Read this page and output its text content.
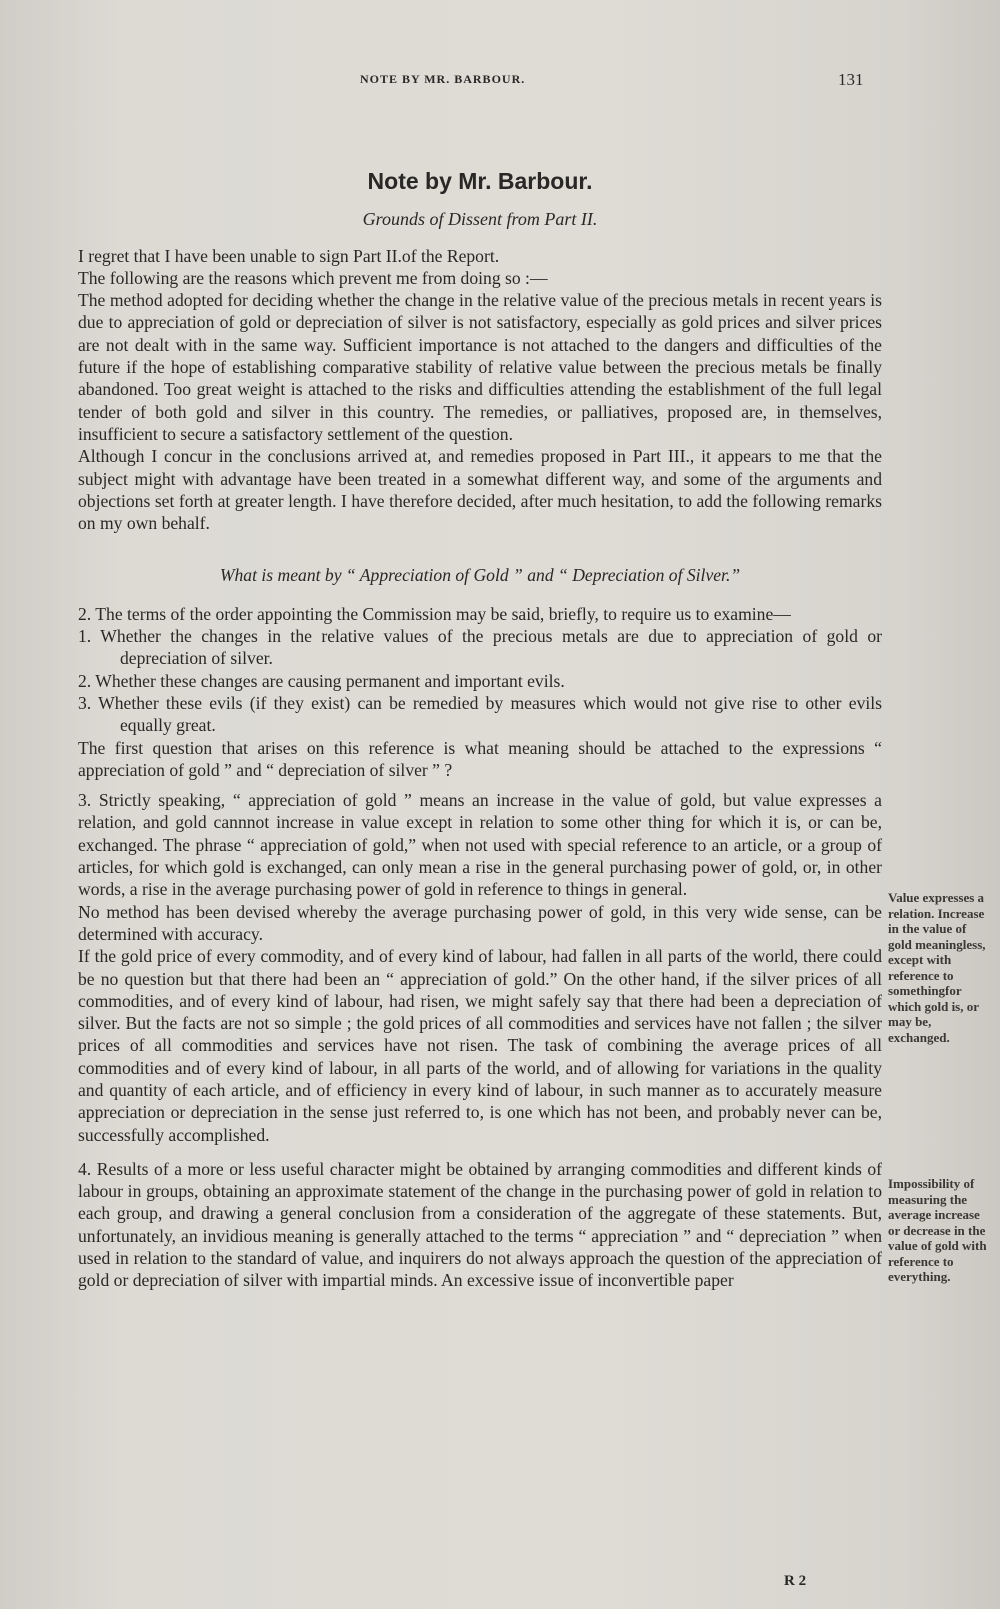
NOTE BY MR. BARBOUR.	131
Note by Mr. Barbour.
Grounds of Dissent from Part II.

I regret that I have been unable to sign Part II.of the Report.

The following are the reasons which prevent me from doing so :—

The method adopted for deciding whether the change in the relative value of the precious metals in recent years is due to appreciation of gold or depreciation of silver is not satisfactory, especially as gold prices and silver prices are not dealt with in the same way. Sufficient importance is not attached to the dangers and difficulties of the future if the hope of establishing comparative stability of relative value between the precious metals be finally abandoned. Too great weight is attached to the risks and difficulties attending the establishment of the full legal tender of both gold and silver in this country. The remedies, or palliatives, proposed are, in themselves, insufficient to secure a satisfactory settlement of the question.

Although I concur in the conclusions arrived at, and remedies proposed in Part III., it appears to me that the subject might with advantage have been treated in a somewhat different way, and some of the arguments and objections set forth at greater length. I have therefore decided, after much hesitation, to add the following remarks on my own behalf.

What is meant by “ Appreciation of Gold ” and “ Depreciation of Silver.”

2. The terms of the order appointing the Commission may be said, briefly, to require us to examine—

1. Whether the changes in the relative values of the precious metals are due to appreciation of gold or depreciation of silver.
2. Whether these changes are causing permanent and important evils.
3. Whether these evils (if they exist) can be remedied by measures which would not give rise to other evils equally great.

The first question that arises on this reference is what meaning should be attached to the expressions “ appreciation of gold ” and “ depreciation of silver ” ?

3. Strictly speaking, “ appreciation of gold ” means an increase in the value of gold, but value expresses a relation, and gold cannnot increase in value except in relation to some other thing for which it is, or can be, exchanged. The phrase “ appreciation of gold,” when not used with special reference to an article, or a group of articles, for which gold is exchanged, can only mean a rise in the general purchasing power of gold, or, in other words, a rise in the average purchasing power of gold in reference to things in general.

No method has been devised whereby the average purchasing power of gold, in this very wide sense, can be determined with accuracy.

If the gold price of every commodity, and of every kind of labour, had fallen in all parts of the world, there could be no question but that there had been an “ appreciation of gold.” On the other hand, if the silver prices of all commodities, and of every kind of labour, had risen, we might safely say that there had been a depreciation of silver. But the facts are not so simple ; the gold prices of all commodities and services have not fallen ; the silver prices of all commodities and services have not risen. The task of combining the average prices of all commodities and of every kind of labour, in all parts of the world, and of allowing for variations in the quality and quantity of each article, and of efficiency in every kind of labour, in such manner as to accurately measure appreciation or depreciation in the sense just referred to, is one which has not been, and probably never can be, successfully accomplished.

4. Results of a more or less useful character might be obtained by arranging commodities and different kinds of labour in groups, obtaining an approximate statement of the change in the purchasing power of gold in relation to each group, and drawing a general conclusion from a consideration of the aggregate of these statements. But, unfortunately, an invidious meaning is generally attached to the terms “ appreciation ” and “ depreciation ” when used in relation to the standard of value, and inquirers do not always approach the question of the appreciation of gold or depreciation of silver with impartial minds. An excessive issue of inconvertible paper

Value expresses a relation. Increase in the value of gold meaningless, except with reference to somethingfor which gold is, or may be, exchanged.
Impossibility of measuring the average increase or decrease in the value of gold with reference to everything.
R 2
